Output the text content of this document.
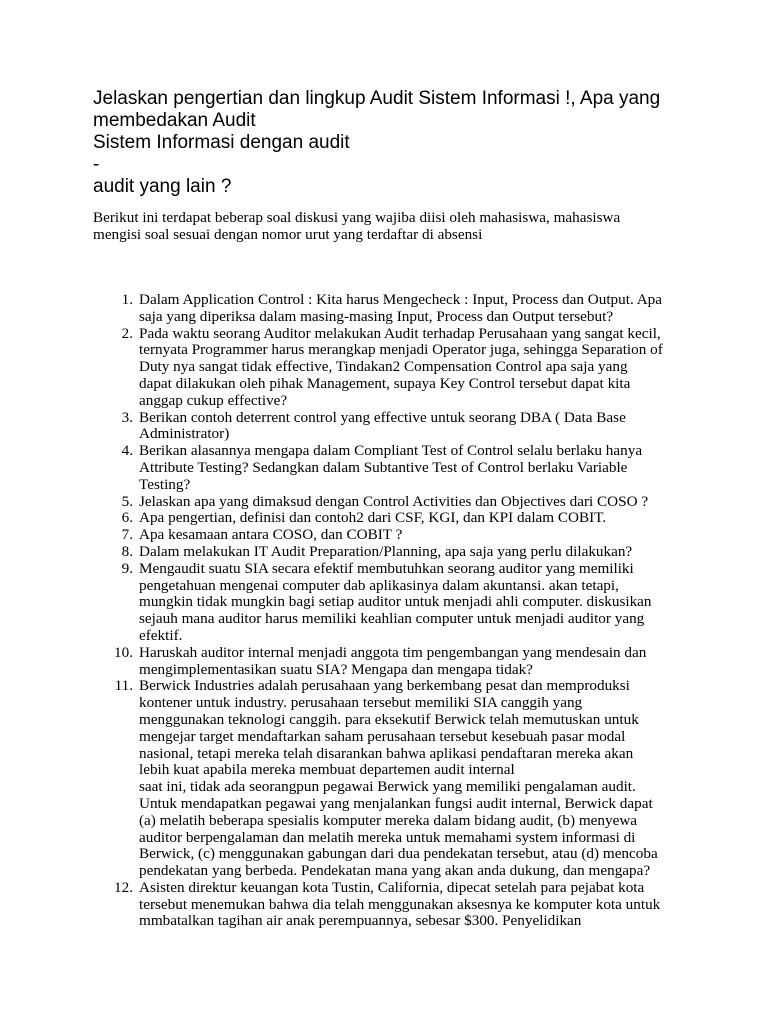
Jelaskan pengertian dan lingkup Audit Sistem Informasi !, Apa yang
membedakan Audit
Sistem Informasi dengan audit
-
audit yang lain ?

Berikut ini terdapat beberap soal diskusi yang wajiba diisi oleh mahasiswa, mahasiswa
mengisi soal sesuai dengan nomor urut yang terdaftar di absensi

1. Dalam Application Control : Kita harus Mengecheck : Input, Process dan Output. Apa
saja yang diperiksa dalam masing-masing Input, Process dan Output tersebut?
2. Pada waktu seorang Auditor melakukan Audit terhadap Perusahaan yang sangat kecil,
ternyata Programmer harus merangkap menjadi Operator juga, sehingga Separation of
Duty nya sangat tidak effective, Tindakan2 Compensation Control apa saja yang
dapat dilakukan oleh pihak Management, supaya Key Control tersebut dapat kita
anggap cukup effective?
3. Berikan contoh deterrent control yang effective untuk seorang DBA ( Data Base
Administrator)
4. Berikan alasannya mengapa dalam Compliant Test of Control selalu berlaku hanya
Attribute Testing? Sedangkan dalam Subtantive Test of Control berlaku Variable
Testing?
5. Jelaskan apa yang dimaksud dengan Control Activities dan Objectives dari COSO ?
6. Apa pengertian, definisi dan contoh2 dari CSF, KGI, dan KPI dalam COBIT.
7. Apa kesamaan antara COSO, dan COBIT ?
8. Dalam melakukan IT Audit Preparation/Planning, apa saja yang perlu dilakukan?
9. Mengaudit suatu SIA secara efektif membutuhkan seorang auditor yang memiliki
pengetahuan mengenai computer dab aplikasinya dalam akuntansi. akan tetapi,
mungkin tidak mungkin bagi setiap auditor untuk menjadi ahli computer. diskusikan
sejauh mana auditor harus memiliki keahlian computer untuk menjadi auditor yang
efektif.
10. Haruskah auditor internal menjadi anggota tim pengembangan yang mendesain dan
mengimplementasikan suatu SIA? Mengapa dan mengapa tidak?
11. Berwick Industries adalah perusahaan yang berkembang pesat dan memproduksi
kontener untuk industry. perusahaan tersebut memiliki SIA canggih yang
menggunakan teknologi canggih. para eksekutif Berwick telah memutuskan untuk
mengejar target mendaftarkan saham perusahaan tersebut kesebuah pasar modal
nasional, tetapi mereka telah disarankan bahwa aplikasi pendaftaran mereka akan
lebih kuat apabila mereka membuat departemen audit internal
saat ini, tidak ada seorangpun pegawai Berwick yang memiliki pengalaman audit.
Untuk mendapatkan pegawai yang menjalankan fungsi audit internal, Berwick dapat
(a) melatih beberapa spesialis komputer mereka dalam bidang audit, (b) menyewa
auditor berpengalaman dan melatih mereka untuk memahami system informasi di
Berwick, (c) menggunakan gabungan dari dua pendekatan tersebut, atau (d) mencoba
pendekatan yang berbeda. Pendekatan mana yang akan anda dukung, dan mengapa?
12. Asisten direktur keuangan kota Tustin, California, dipecat setelah para pejabat kota
tersebut menemukan bahwa dia telah menggunakan aksesnya ke komputer kota untuk
mmbatalkan tagihan air anak perempuannya, sebesar $300. Penyelidikan
